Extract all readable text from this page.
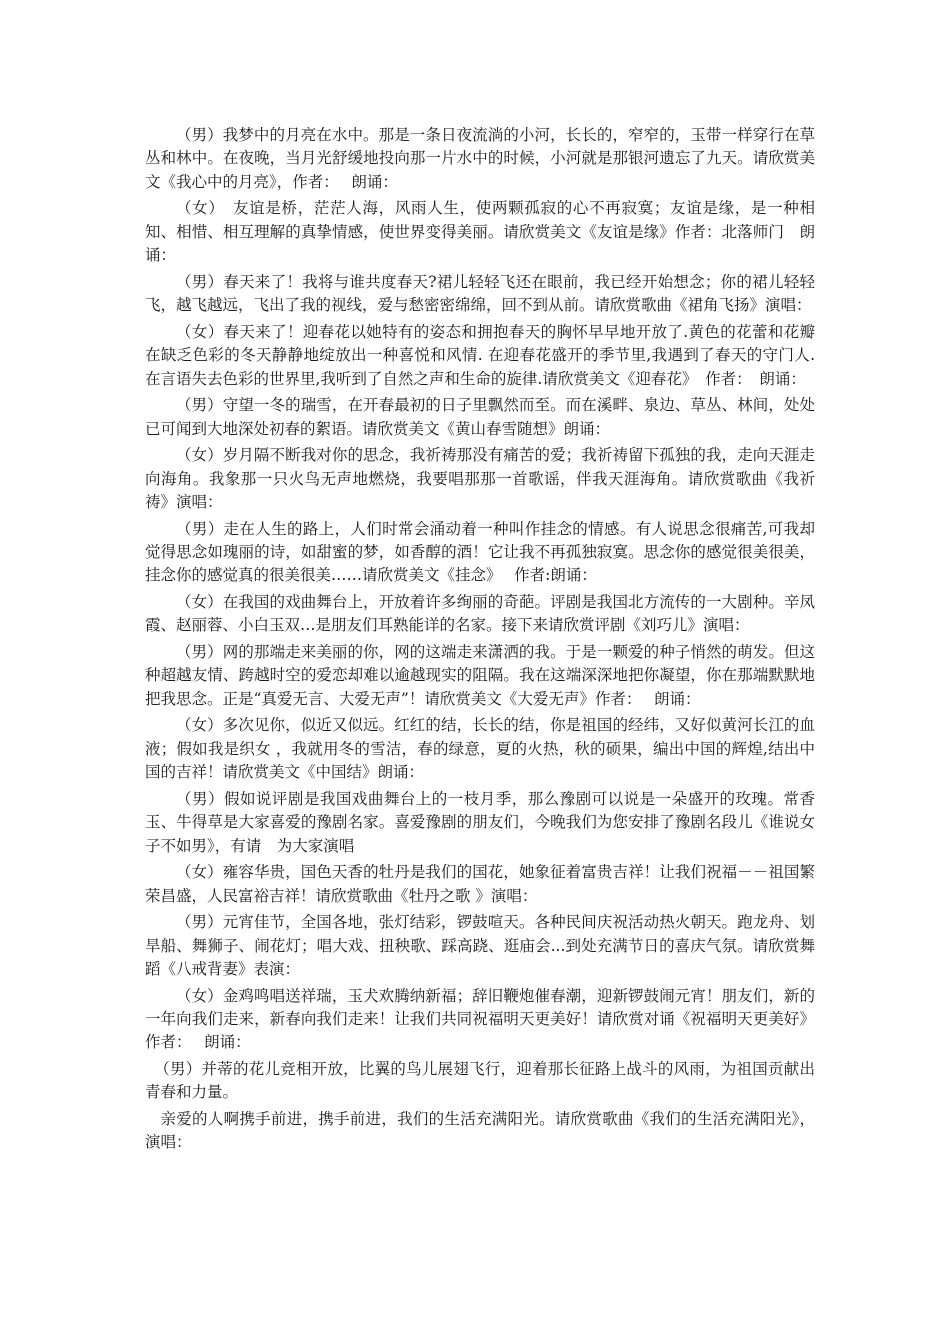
（男）我梦中的月亮在水中。那是一条日夜流淌的小河，长长的，窄窄的，玉带一样穿行在草丛和林中。在夜晚，当月光舒缓地投向那一片水中的时候，小河就是那银河遗忘了九天。请欣赏美文《我心中的月亮》，作者：　 朗诵：

（女）　友谊是桥，茫茫人海，风雨人生，使两颗孤寂的心不再寂寞；友谊是缘，是一种相知、相惜、相互理解的真挚情感，使世界变得美丽。请欣赏美文《友谊是缘》作者：北落师门　朗诵：

（男）春天来了！我将与谁共度春天?裙儿轻轻飞还在眼前，我已经开始想念；你的裙儿轻轻飞，越飞越远，飞出了我的视线，爱与愁密密绵绵，回不到从前。请欣赏歌曲《裙角飞扬》演唱：

（女）春天来了！迎春花以她特有的姿态和拥抱春天的胸怀早早地开放了.黄色的花蕾和花瓣在缺乏色彩的冬天静静地绽放出一种喜悦和风情. 在迎春花盛开的季节里,我遇到了春天的守门人.在言语失去色彩的世界里,我听到了自然之声和生命的旋律.请欣赏美文《迎春花》　作者：　朗诵：

（男）守望一冬的瑞雪，在开春最初的日子里飘然而至。而在溪畔、泉边、草丛、林间，处处已可闻到大地深处初春的絮语。请欣赏美文《黄山春雪随想》朗诵：

（女）岁月隔不断我对你的思念，我祈祷那没有痛苦的爱；我祈祷留下孤独的我，走向天涯走向海角。我象那一只火鸟无声地燃烧，我要唱那那一首歌谣，伴我天涯海角。请欣赏歌曲《我祈祷》演唱：

（男）走在人生的路上，人们时常会涌动着一种叫作挂念的情感。有人说思念很痛苦,可我却觉得思念如瑰丽的诗，如甜蜜的梦，如香醇的酒！它让我不再孤独寂寞。思念你的感觉很美很美，挂念你的感觉真的很美很美……请欣赏美文《挂念》　 作者:朗诵：

（女）在我国的戏曲舞台上，开放着许多绚丽的奇葩。评剧是我国北方流传的一大剧种。辛凤霞、赵丽蓉、小白玉双…是朋友们耳熟能详的名家。接下来请欣赏评剧《刘巧儿》演唱：

（男）网的那端走来美丽的你，网的这端走来潇洒的我。于是一颗爱的种子悄然的萌发。但这种超越友情、跨越时空的爱恋却难以逾越现实的阻隔。我在这端深深地把你凝望，你在那端默默地把我思念。正是“真爱无言、大爱无声”！请欣赏美文《大爱无声》作者：　 朗诵：

（女）多次见你，似近又似远。红红的结，长长的结，你是祖国的经纬，又好似黄河长江的血液；假如我是织女 ，我就用冬的雪洁，春的绿意，夏的火热，秋的硕果，编出中国的辉煌,结出中国的吉祥！请欣赏美文《中国结》朗诵：

（男）假如说评剧是我国戏曲舞台上的一枝月季，那么豫剧可以说是一朵盛开的玫瑰。常香玉、牛得草是大家喜爱的豫剧名家。喜爱豫剧的朋友们，今晚我们为您安排了豫剧名段儿《谁说女子不如男》，有请　为大家演唱

（女）雍容华贵，国色天香的牡丹是我们的国花，她象征着富贵吉祥！让我们祝福－－祖国繁荣昌盛，人民富裕吉祥！请欣赏歌曲《牡丹之歌 》演唱：

（男）元宵佳节，全国各地，张灯结彩，锣鼓喧天。各种民间庆祝活动热火朝天。跑龙舟、划旱船、舞狮子、闹花灯；唱大戏、扭秧歌、踩高跷、逛庙会...到处充满节日的喜庆气氛。请欣赏舞蹈《八戒背妻》表演：

（女）金鸡鸣唱送祥瑞，玉犬欢腾纳新福；辞旧鞭炮催春潮，迎新锣鼓闹元宵！朋友们，新的一年向我们走来，新春向我们走来！让我们共同祝福明天更美好！请欣赏对诵《祝福明天更美好》作者：　 朗诵：

（男）并蒂的花儿竞相开放，比翼的鸟儿展翅飞行，迎着那长征路上战斗的风雨，为祖国贡献出青春和力量。

亲爱的人啊携手前进，携手前进，我们的生活充满阳光。请欣赏歌曲《我们的生活充满阳光》，演唱：
